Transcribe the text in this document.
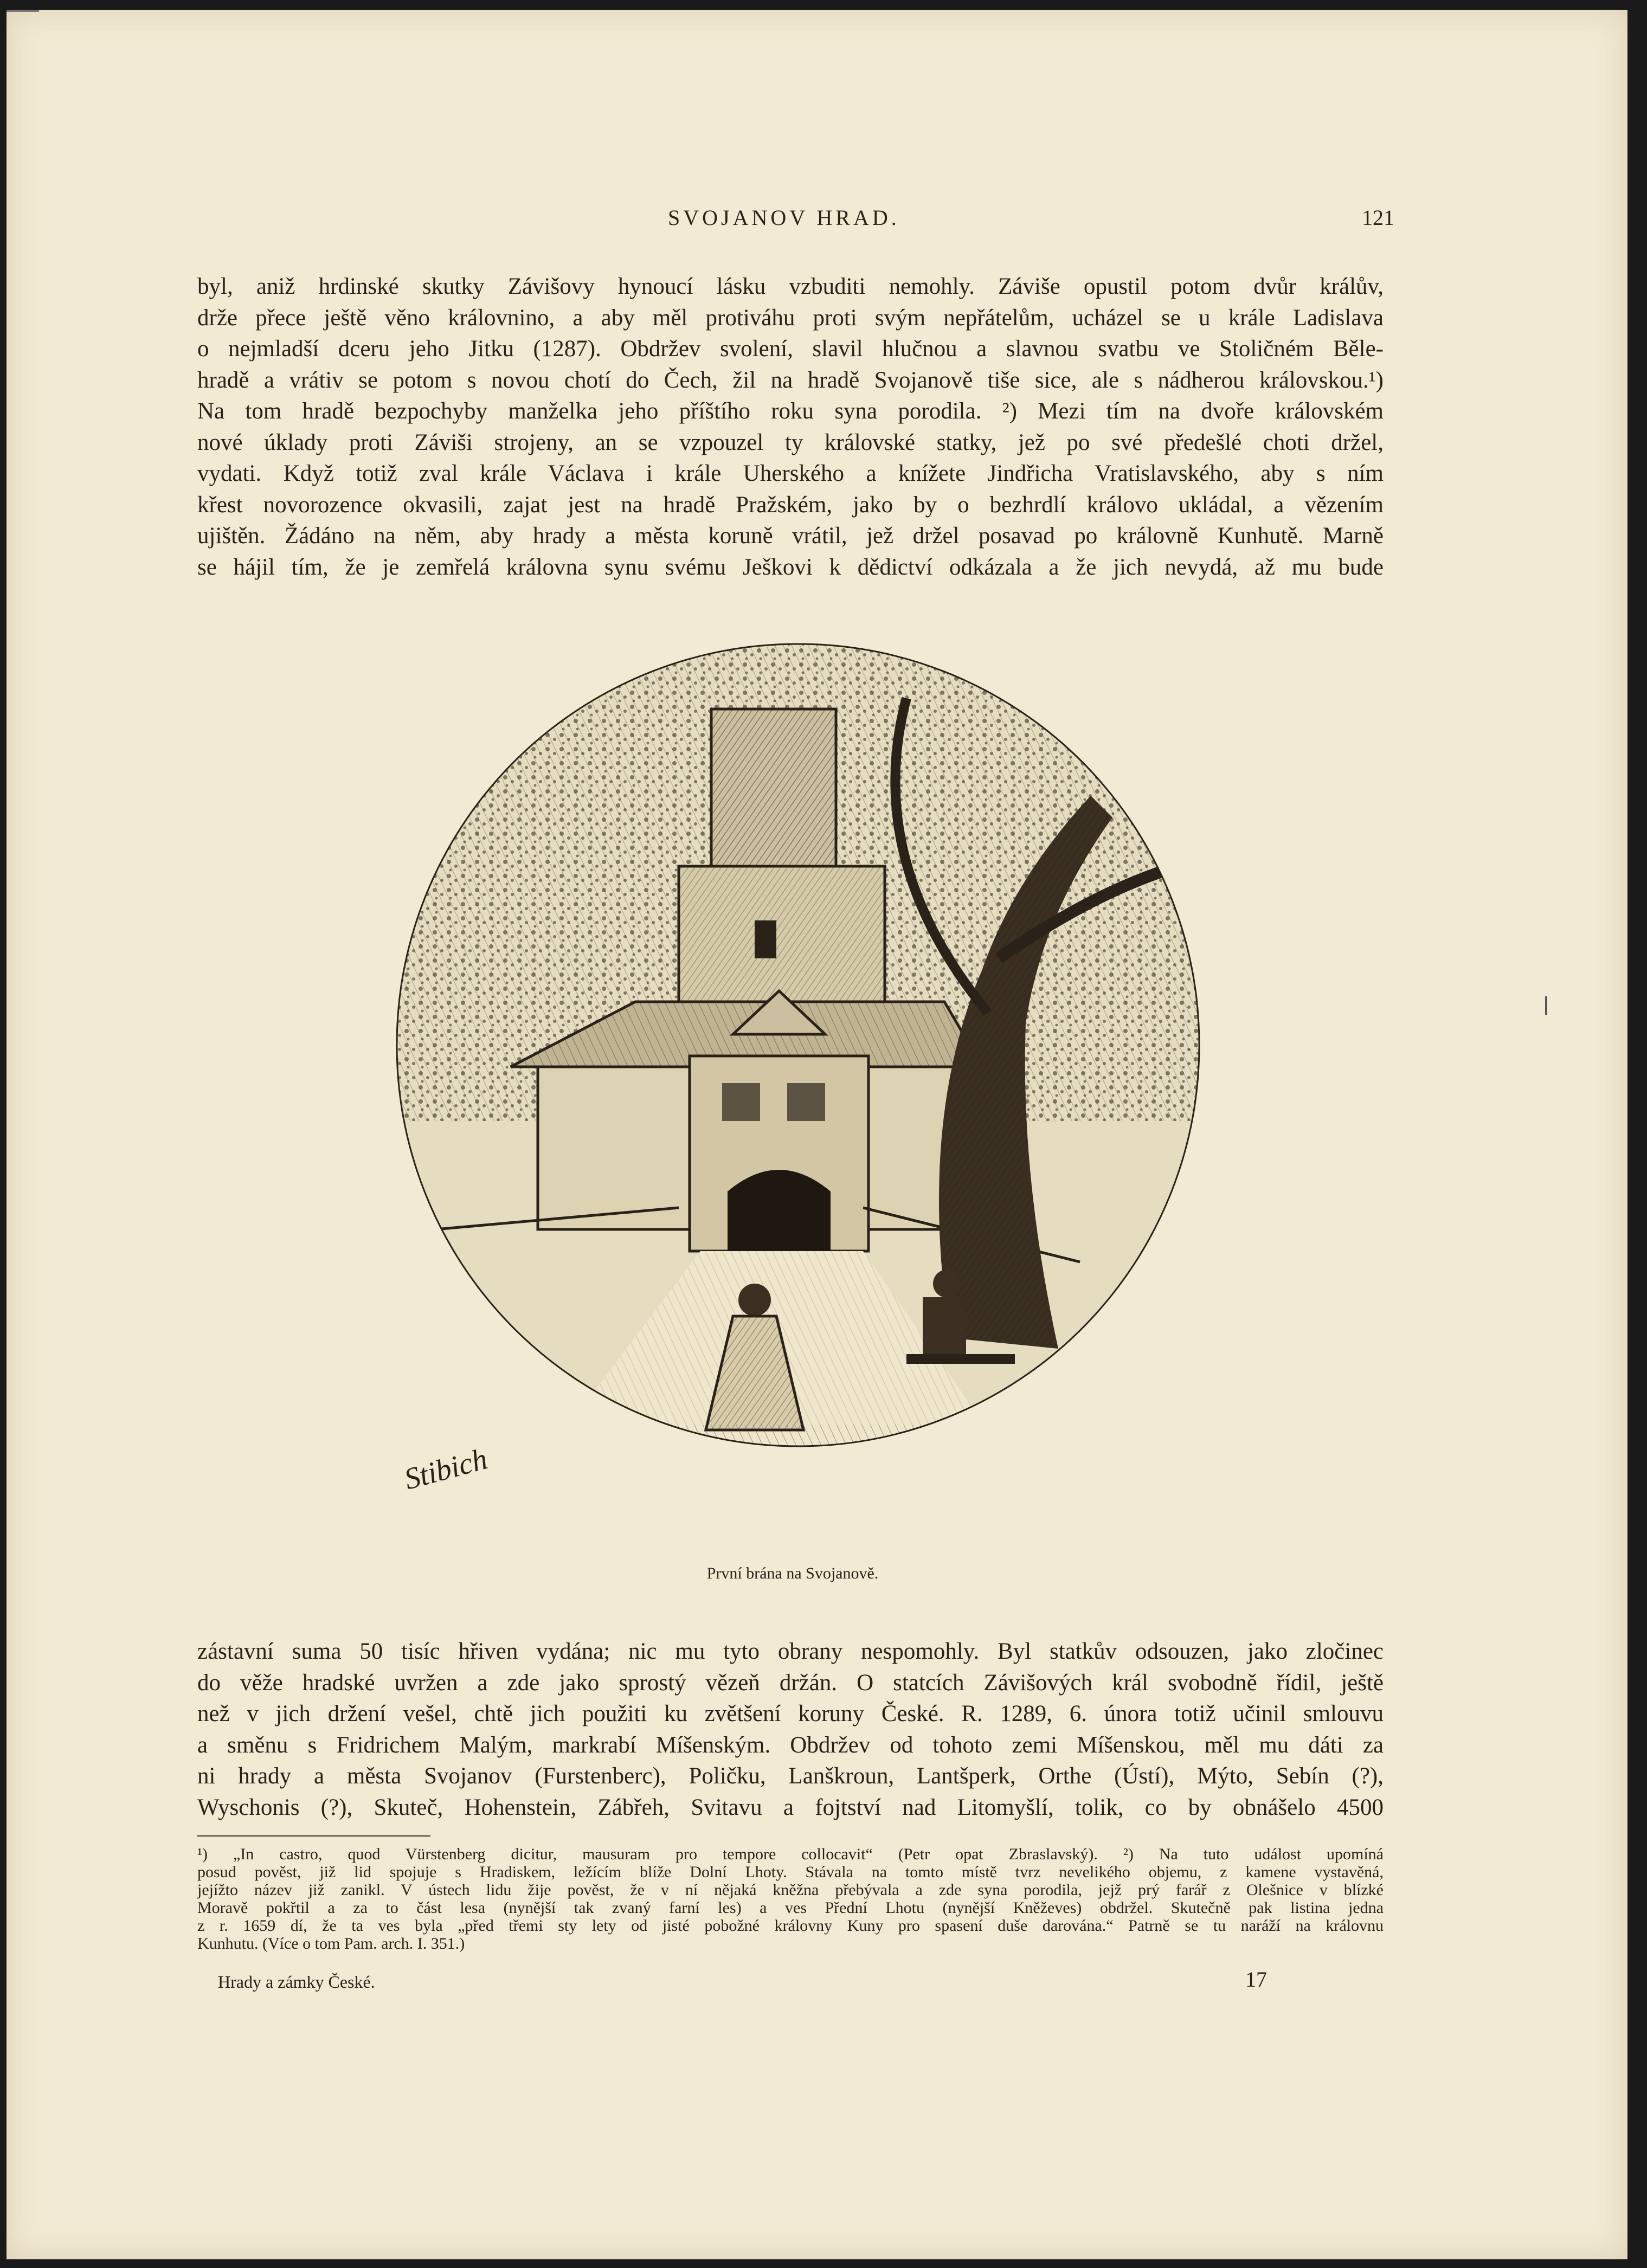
SVOJANOV HRAD.	121

byl, aniž hrdinské skutky Závišovy hynoucí lásku vzbuditi nemohly. Záviše opustil potom dvůr králův,
drže přece ještě věno královnino, a aby měl protiváhu proti svým nepřátelům, ucházel se u krále Ladislava
o nejmladší dceru jeho Jitku (1287). Obdržev svolení, slavil hlučnou a slavnou svatbu ve Stoličném Běle-
hradě a vrátiv se potom s novou chotí do Čech, žil na hradě Svojanově tiše sice, ale s nádherou královskou.¹)
Na tom hradě bezpochyby manželka jeho příštího roku syna porodila. ²) Mezi tím na dvoře královském
nové úklady proti Záviši strojeny, an se vzpouzel ty královské statky, jež po své předešlé choti držel,
vydati. Když totiž zval krále Václava i krále Uherského a knížete Jindřicha Vratislavského, aby s ním
křest novorozence okvasili, zajat jest na hradě Pražském, jako by o bezhrdlí královo ukládal, a vězením
ujištěn. Žádáno na něm, aby hrady a města koruně vrátil, jež držel posavad po královně Kunhutě. Marně
se hájil tím, že je zemřelá královna synu svému Ješkovi k dědictví odkázala a že jich nevydá, až mu bude

Stibich
První brána na Svojanově.

zástavní suma 50 tisíc hřiven vydána; nic mu tyto obrany nespomohly. Byl statkův odsouzen, jako zločinec
do věže hradské uvržen a zde jako sprostý vězeň držán. O statcích Závišových král svobodně řídil, ještě
než v jich držení vešel, chtě jich použiti ku zvětšení koruny České. R. 1289, 6. února totiž učinil smlouvu
a směnu s Fridrichem Malým, markrabí Míšenským. Obdržev od tohoto zemi Míšenskou, měl mu dáti za
ni hrady a města Svojanov (Furstenberc), Poličku, Lanškroun, Lantšperk, Orthe (Ústí), Mýto, Sebín (?),
Wyschonis (?), Skuteč, Hohenstein, Zábřeh, Svitavu a fojtství nad Litomyšlí, tolik, co by obnášelo 4500

¹) „In castro, quod Vürstenberg dicitur, mausuram pro tempore collocavit“ (Petr opat Zbraslavský). ²) Na tuto událost upomíná
posud pověst, již lid spojuje s Hradiskem, ležícím blíže Dolní Lhoty. Stávala na tomto místě tvrz nevelikého objemu, z kamene vystavěná,
jejížto název již zanikl. V ústech lidu žije pověst, že v ní nějaká kněžna přebývala a zde syna porodila, jejž prý farář z Olešnice v blízké
Moravě pokřtil a za to část lesa (nynější tak zvaný farní les) a ves Přední Lhotu (nynější Kněževes) obdržel. Skutečně pak listina jedna
z r. 1659 dí, že ta ves byla „před třemi sty lety od jisté pobožné královny Kuny pro spasení duše darována.“ Patrně se tu naráží na královnu
Kunhutu. (Více o tom Pam. arch. I. 351.)
Hrady a zámky České.	17
